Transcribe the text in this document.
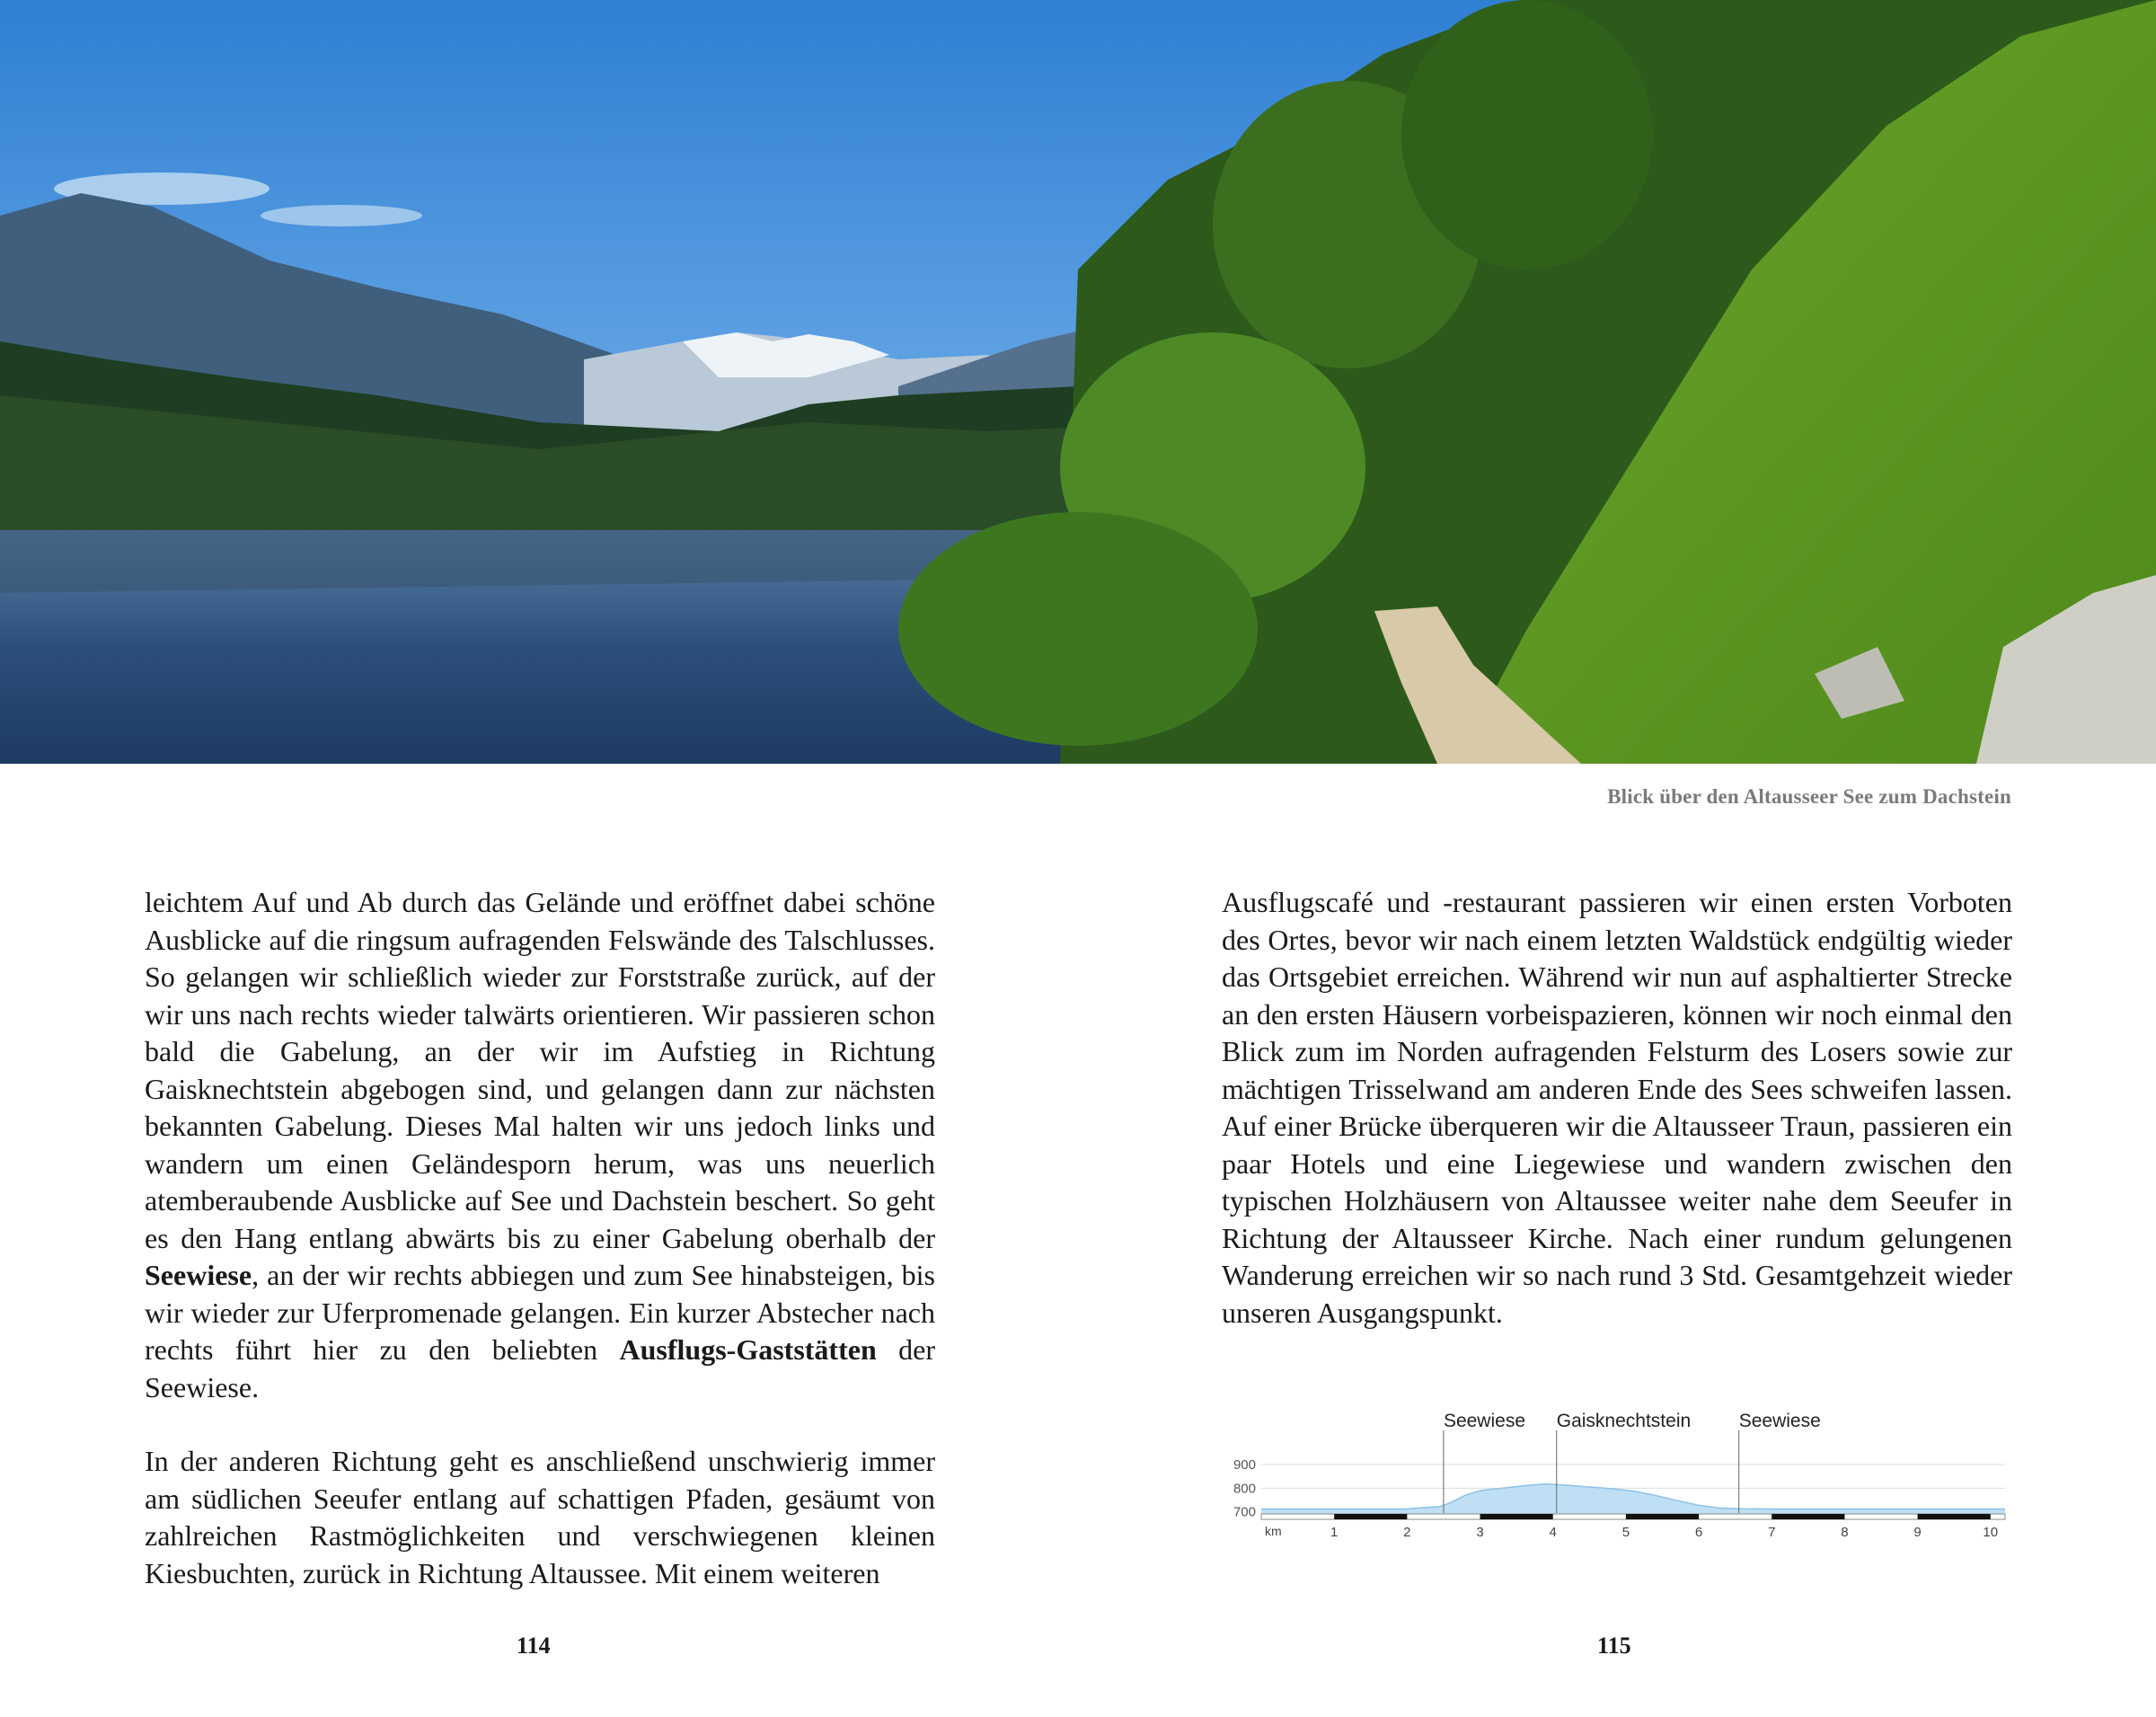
Blick über den Altausseer See zum Dachstein

leichtem Auf und Ab durch das Gelände und eröffnet dabei schöne Ausblicke auf die ringsum aufragenden Felswände des Talschlusses. So gelangen wir schließlich wieder zur Forststraße zurück, auf der wir uns nach rechts wieder talwärts orientieren. Wir passieren schon bald die Gabelung, an der wir im Aufstieg in Richtung Gaisknechtstein abgebogen sind, und gelangen dann zur nächsten bekannten Gabelung. Dieses Mal halten wir uns jedoch links und wandern um einen Geländesporn herum, was uns neuerlich atemberaubende Ausblicke auf See und Dachstein beschert. So geht es den Hang entlang abwärts bis zu einer Gabelung oberhalb der Seewiese, an der wir rechts abbiegen und zum See hinabsteigen, bis wir wieder zur Uferpromenade gelangen. Ein kurzer Abstecher nach rechts führt hier zu den beliebten Ausflugs-Gaststätten der Seewiese.

In der anderen Richtung geht es anschließend unschwierig immer am südlichen Seeufer entlang auf schattigen Pfaden, gesäumt von zahlreichen Rastmöglichkeiten und verschwiegenen kleinen Kiesbuchten, zurück in Richtung Altaussee. Mit einem weiteren

Ausflugscafé und -restaurant passieren wir einen ersten Vorboten des Ortes, bevor wir nach einem letzten Waldstück endgültig wieder das Ortsgebiet erreichen. Während wir nun auf asphaltierter Strecke an den ersten Häusern vorbeispazieren, können wir noch einmal den Blick zum im Norden aufragenden Felsturm des Losers sowie zur mächtigen Trisselwand am anderen Ende des Sees schweifen lassen. Auf einer Brücke überqueren wir die Altausseer Traun, passieren ein paar Hotels und eine Liegewiese und wandern zwischen den typischen Holzhäusern von Altaussee weiter nahe dem Seeufer in Richtung der Altausseer Kirche. Nach einer rundum gelungenen Wanderung erreichen wir so nach rund 3 Std. Gesamtgehzeit wieder unseren Ausgangspunkt.

700
800
900
km	1	2	3	4	5	6	7	8	9	10
Seewiese Gaisknechtstein	Seewiese
114	115
